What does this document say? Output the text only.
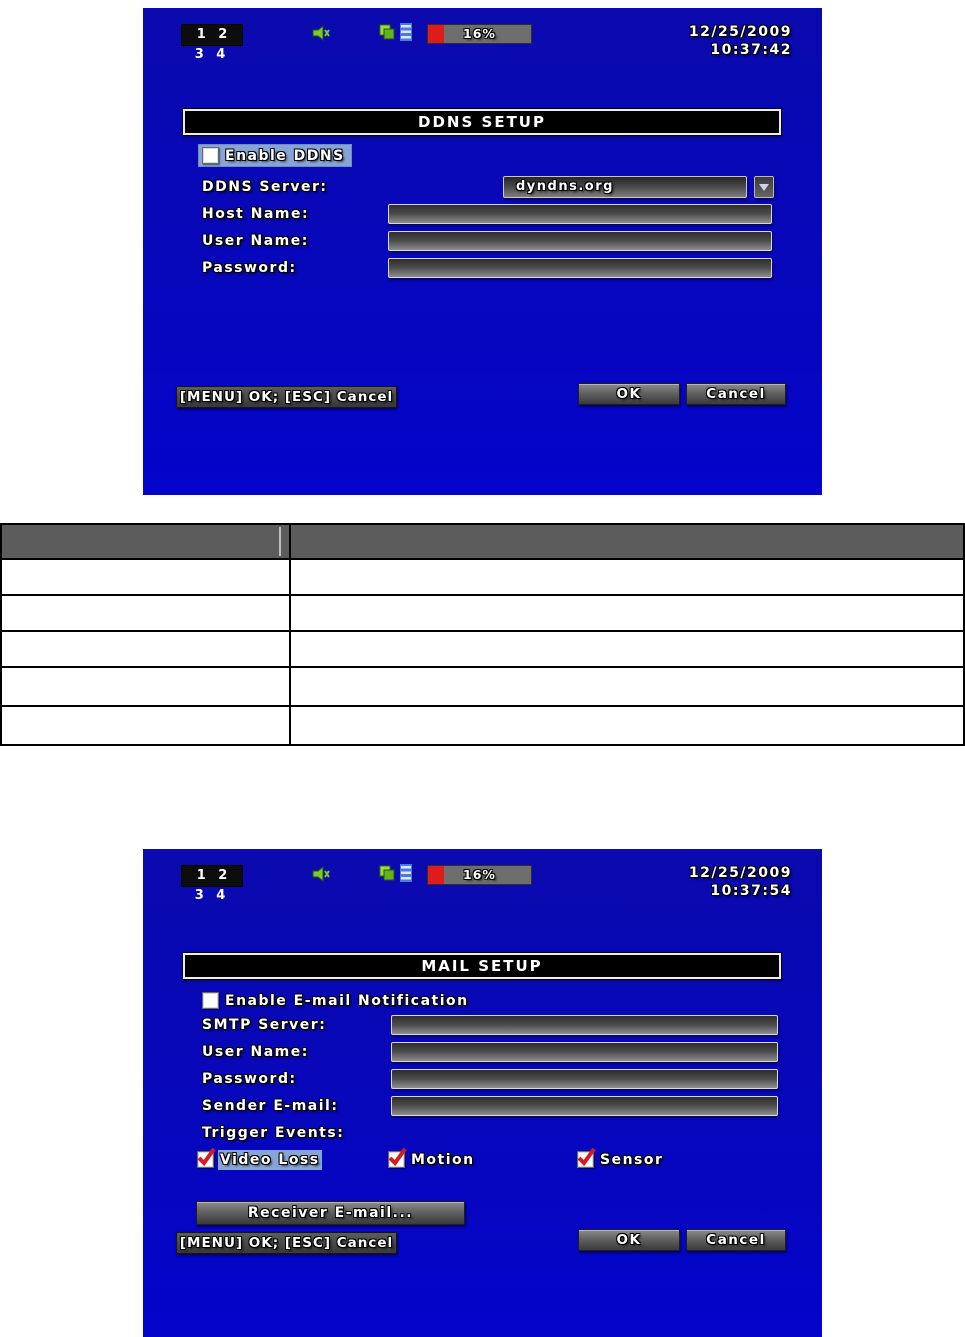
1 2 3 4
16%	12/25/2009
10:37:42
DDNS SETUP
Enable DDNS
DDNS Server:	dyndns.org
Host Name:
User Name:
Password:
[MENU] OK; [ESC] Cancel	OK	Cancel

1 2 3 4
16%	12/25/2009
10:37:54
MAIL SETUP
Enable E-mail Notification
SMTP Server:
User Name:
Password:
Sender E-mail:
Trigger Events:
Video Loss	Motion	Sensor
Receiver E-mail...
[MENU] OK; [ESC] Cancel	OK	Cancel
